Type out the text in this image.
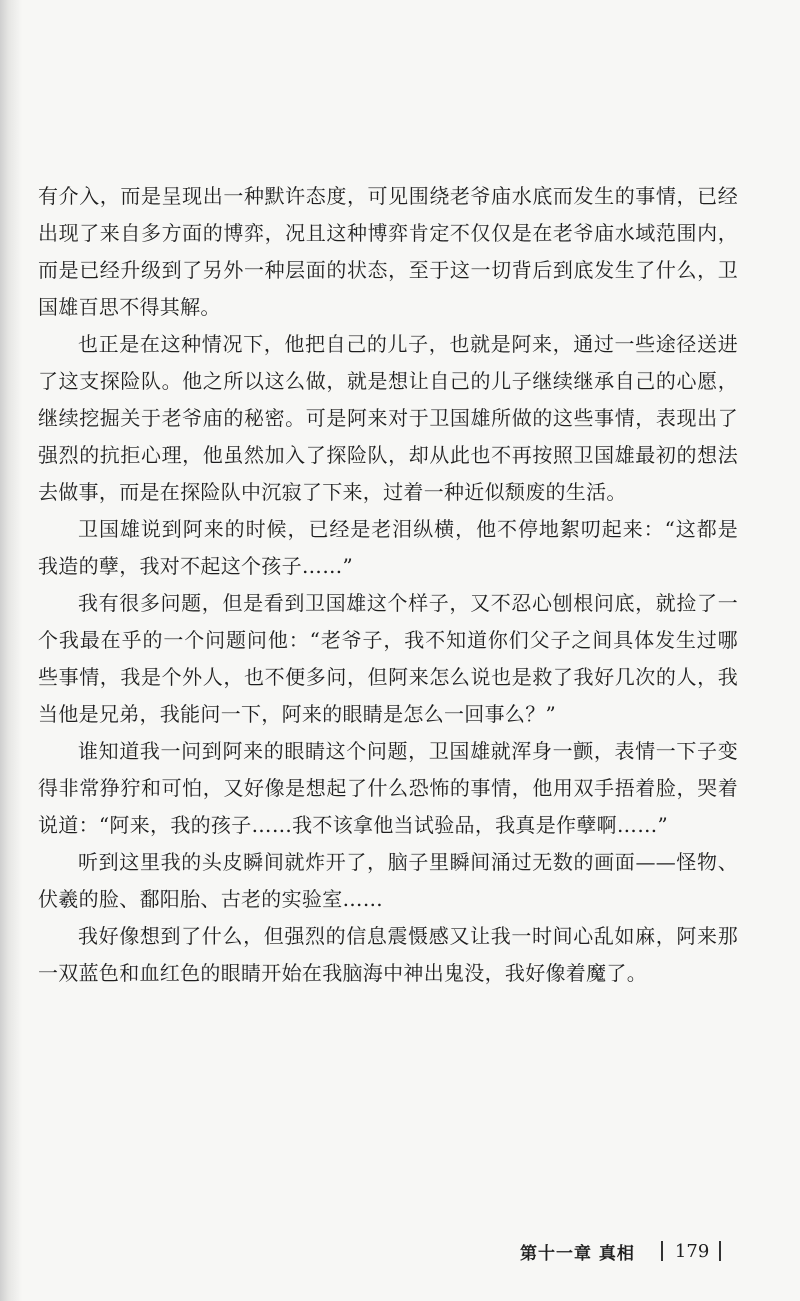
有介入，而是呈现出一种默许态度，可见围绕老爷庙水底而发生的事情，已经出现了来自多方面的博弈，况且这种博弈肯定不仅仅是在老爷庙水域范围内，而是已经升级到了另外一种层面的状态，至于这一切背后到底发生了什么，卫国雄百思不得其解。

也正是在这种情况下，他把自己的儿子，也就是阿来，通过一些途径送进了这支探险队。他之所以这么做，就是想让自己的儿子继续继承自己的心愿，继续挖掘关于老爷庙的秘密。可是阿来对于卫国雄所做的这些事情，表现出了强烈的抗拒心理，他虽然加入了探险队，却从此也不再按照卫国雄最初的想法去做事，而是在探险队中沉寂了下来，过着一种近似颓废的生活。

卫国雄说到阿来的时候，已经是老泪纵横，他不停地絮叨起来：“这都是我造的孽，我对不起这个孩子……”

我有很多问题，但是看到卫国雄这个样子，又不忍心刨根问底，就捡了一个我最在乎的一个问题问他：“老爷子，我不知道你们父子之间具体发生过哪些事情，我是个外人，也不便多问，但阿来怎么说也是救了我好几次的人，我当他是兄弟，我能问一下，阿来的眼睛是怎么一回事么？”

谁知道我一问到阿来的眼睛这个问题，卫国雄就浑身一颤，表情一下子变得非常狰狞和可怕，又好像是想起了什么恐怖的事情，他用双手捂着脸，哭着说道：“阿来，我的孩子……我不该拿他当试验品，我真是作孽啊……”

听到这里我的头皮瞬间就炸开了，脑子里瞬间涌过无数的画面——怪物、伏羲的脸、鄱阳胎、古老的实验室……

我好像想到了什么，但强烈的信息震慑感又让我一时间心乱如麻，阿来那一双蓝色和血红色的眼睛开始在我脑海中神出鬼没，我好像着魔了。

第十一章 真相 179
